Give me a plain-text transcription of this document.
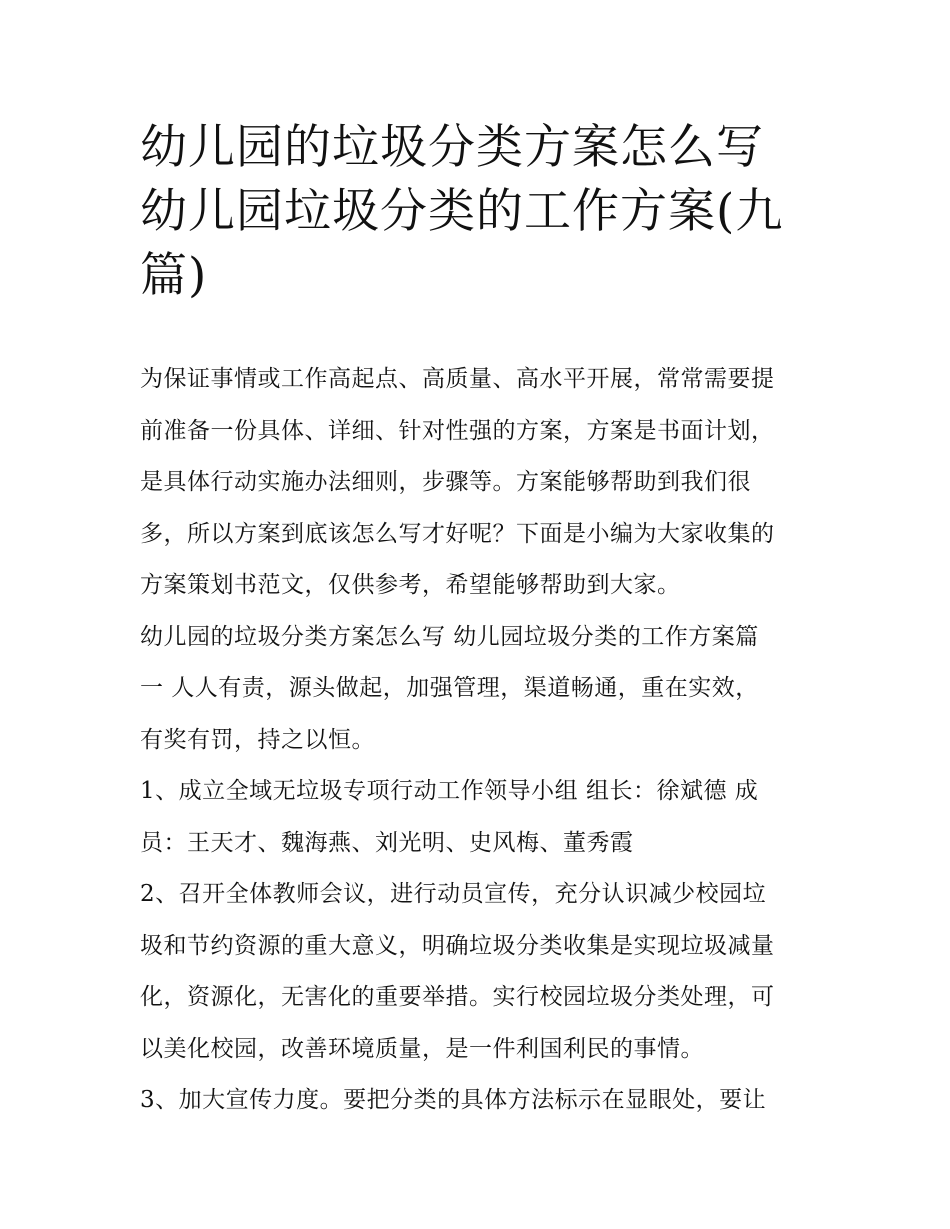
幼儿园的垃圾分类方案怎么写
幼儿园垃圾分类的工作方案(九
篇)
为保证事情或工作高起点、高质量、高水平开展，常常需要提
前准备一份具体、详细、针对性强的方案，方案是书面计划，
是具体行动实施办法细则，步骤等。方案能够帮助到我们很
多，所以方案到底该怎么写才好呢？下面是小编为大家收集的
方案策划书范文，仅供参考，希望能够帮助到大家。
幼儿园的垃圾分类方案怎么写 幼儿园垃圾分类的工作方案篇
一 人人有责，源头做起，加强管理，渠道畅通，重在实效，
有奖有罚，持之以恒。
1、成立全域无垃圾专项行动工作领导小组 组长：徐斌德 成
员：王天才、魏海燕、刘光明、史风梅、董秀霞
2、召开全体教师会议，进行动员宣传，充分认识减少校园垃
圾和节约资源的重大意义，明确垃圾分类收集是实现垃圾减量
化，资源化，无害化的重要举措。实行校园垃圾分类处理，可
以美化校园，改善环境质量，是一件利国利民的事情。
3、加大宣传力度。要把分类的具体方法标示在显眼处，要让
